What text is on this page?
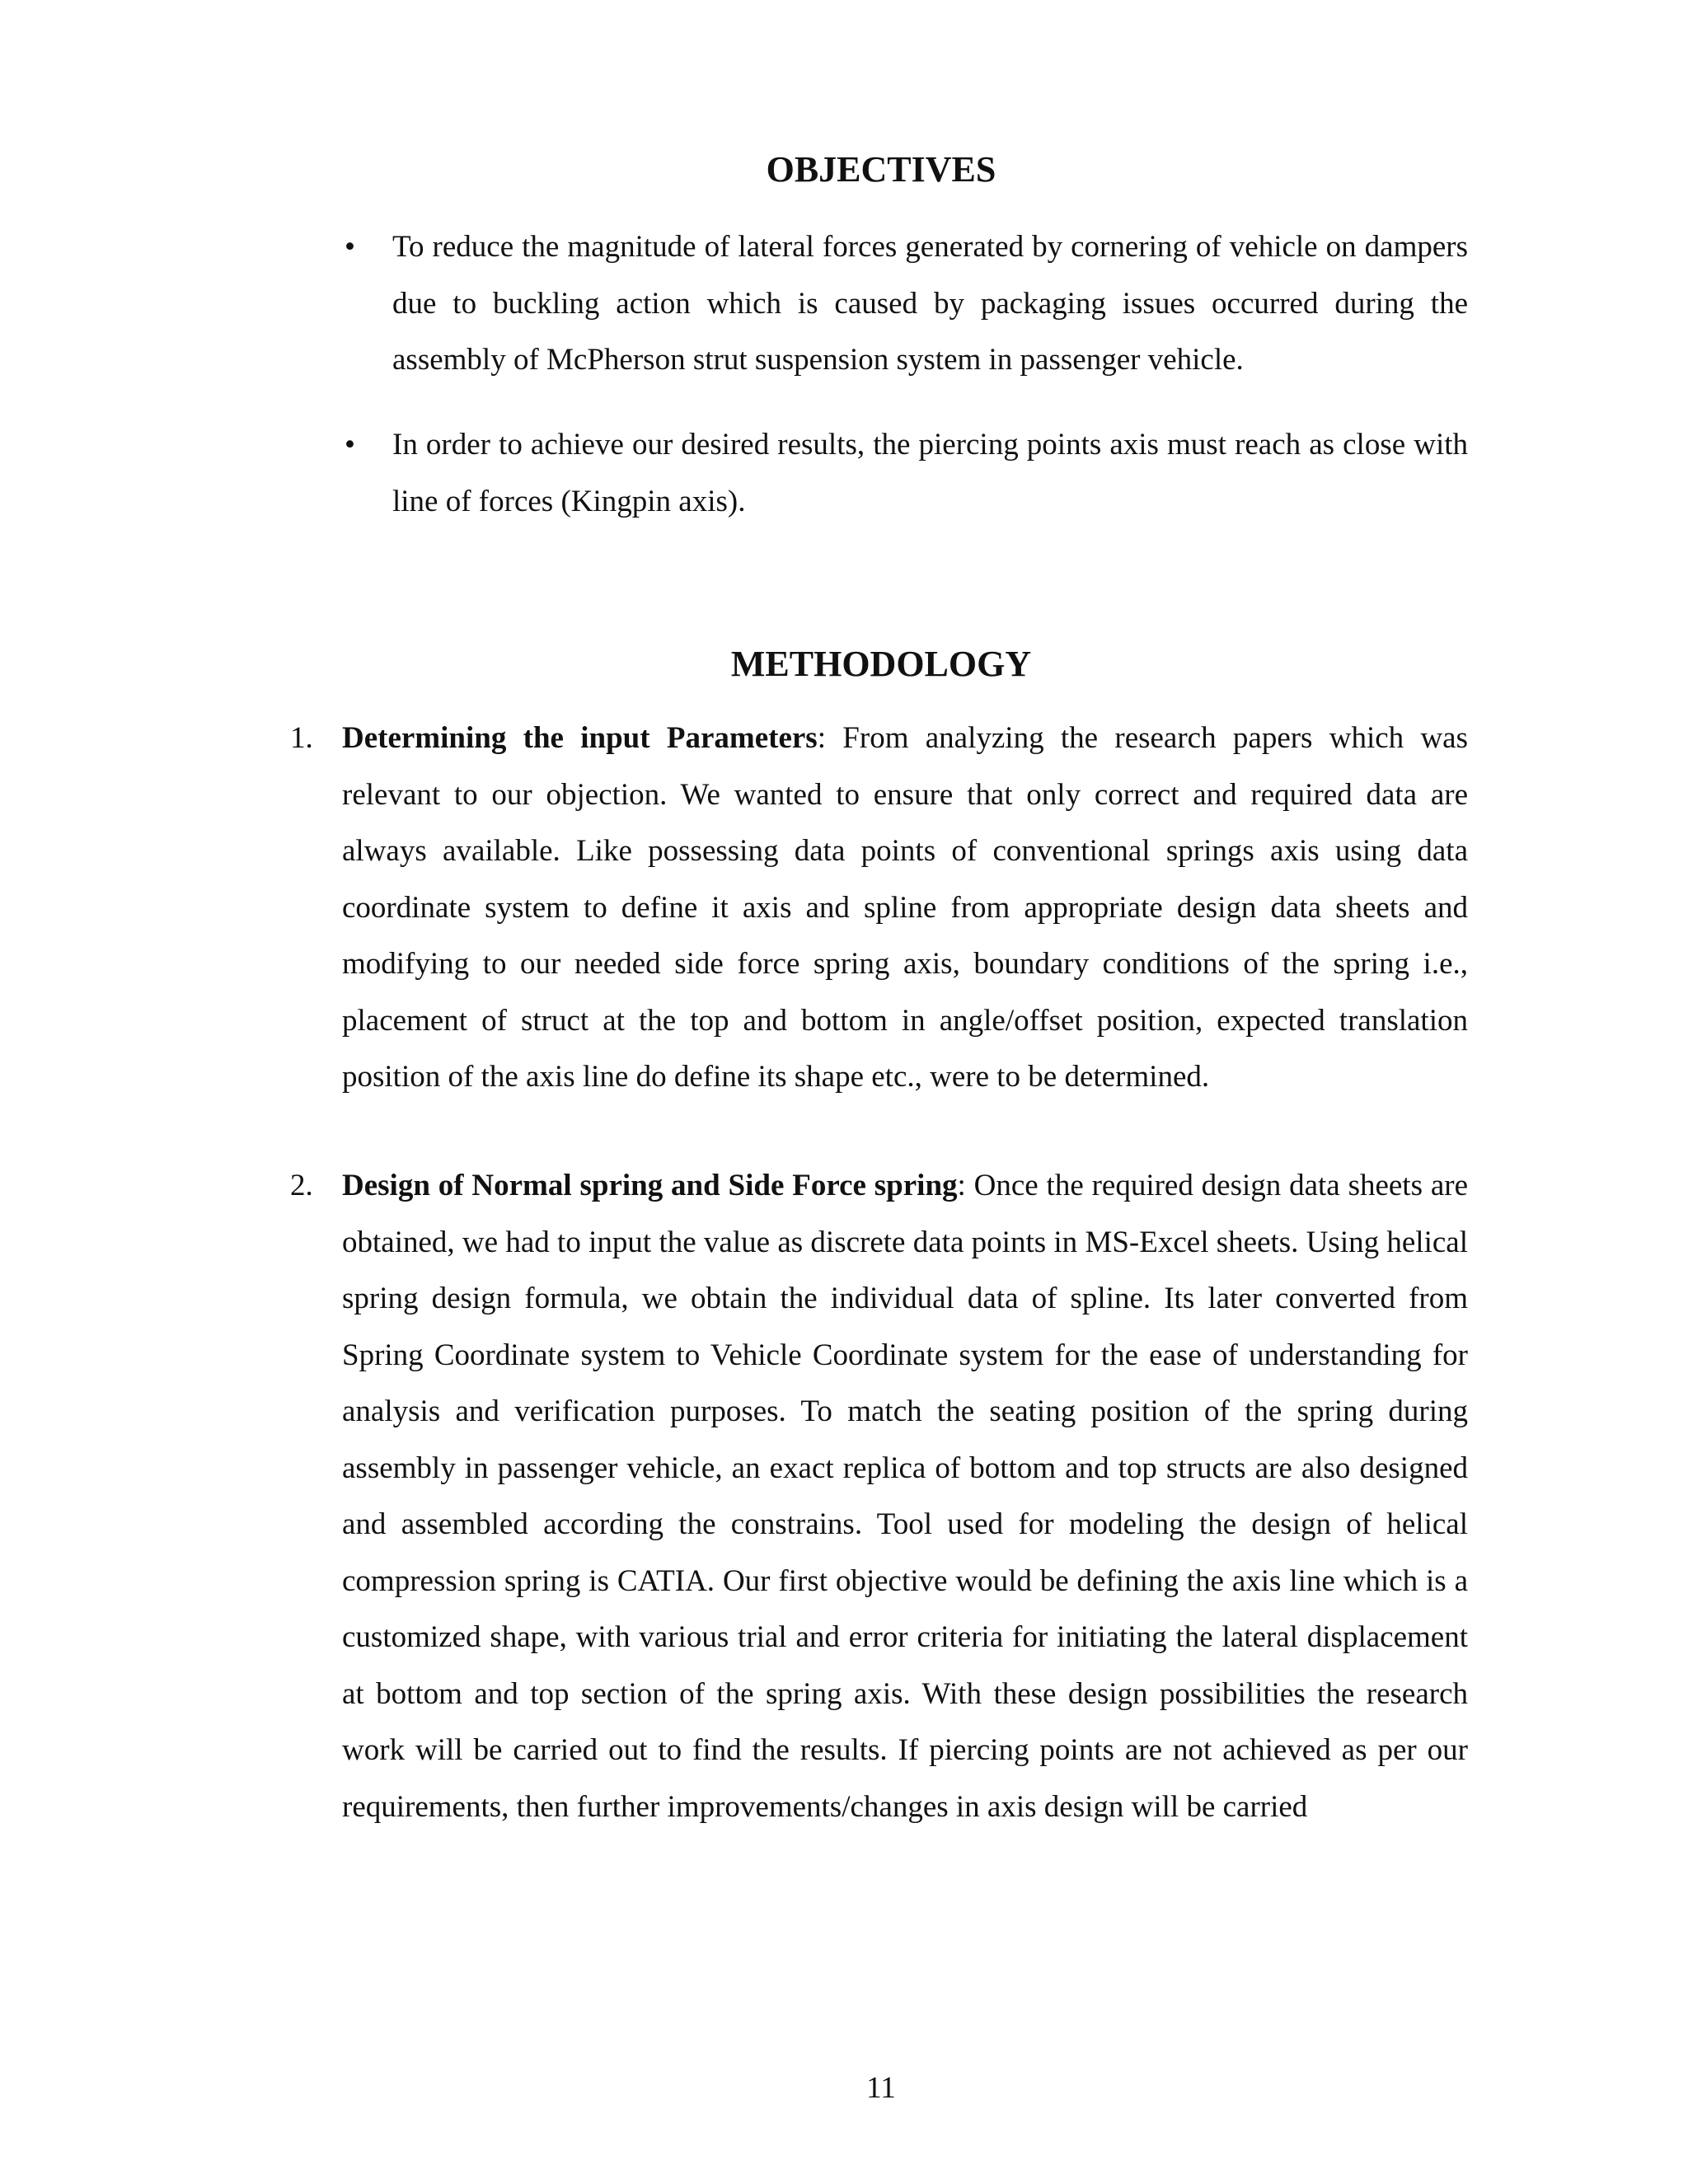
OBJECTIVES
• To reduce the magnitude of lateral forces generated by cornering of vehicle on dampers due to buckling action which is caused by packaging issues occurred during the assembly of McPherson strut suspension system in passenger vehicle.

• In order to achieve our desired results, the piercing points axis must reach as close with line of forces (Kingpin axis).

METHODOLOGY
1. Determining the input Parameters: From analyzing the research papers which was relevant to our objection. We wanted to ensure that only correct and required data are always available. Like possessing data points of conventional springs axis using data coordinate system to define it axis and spline from appropriate design data sheets and modifying to our needed side force spring axis, boundary conditions of the spring i.e., placement of struct at the top and bottom in angle/offset position, expected translation position of the axis line do define its shape etc., were to be determined.

2. Design of Normal spring and Side Force spring: Once the required design data sheets are obtained, we had to input the value as discrete data points in MS-Excel sheets. Using helical spring design formula, we obtain the individual data of spline. Its later converted from Spring Coordinate system to Vehicle Coordinate system for the ease of understanding for analysis and verification purposes. To match the seating position of the spring during assembly in passenger vehicle, an exact replica of bottom and top structs are also designed and assembled according the constrains. Tool used for modeling the design of helical compression spring is CATIA. Our first objective would be defining the axis line which is a customized shape, with various trial and error criteria for initiating the lateral displacement at bottom and top section of the spring axis. With these design possibilities the research work will be carried out to find the results. If piercing points are not achieved as per our requirements, then further improvements/changes in axis design will be carried

11
